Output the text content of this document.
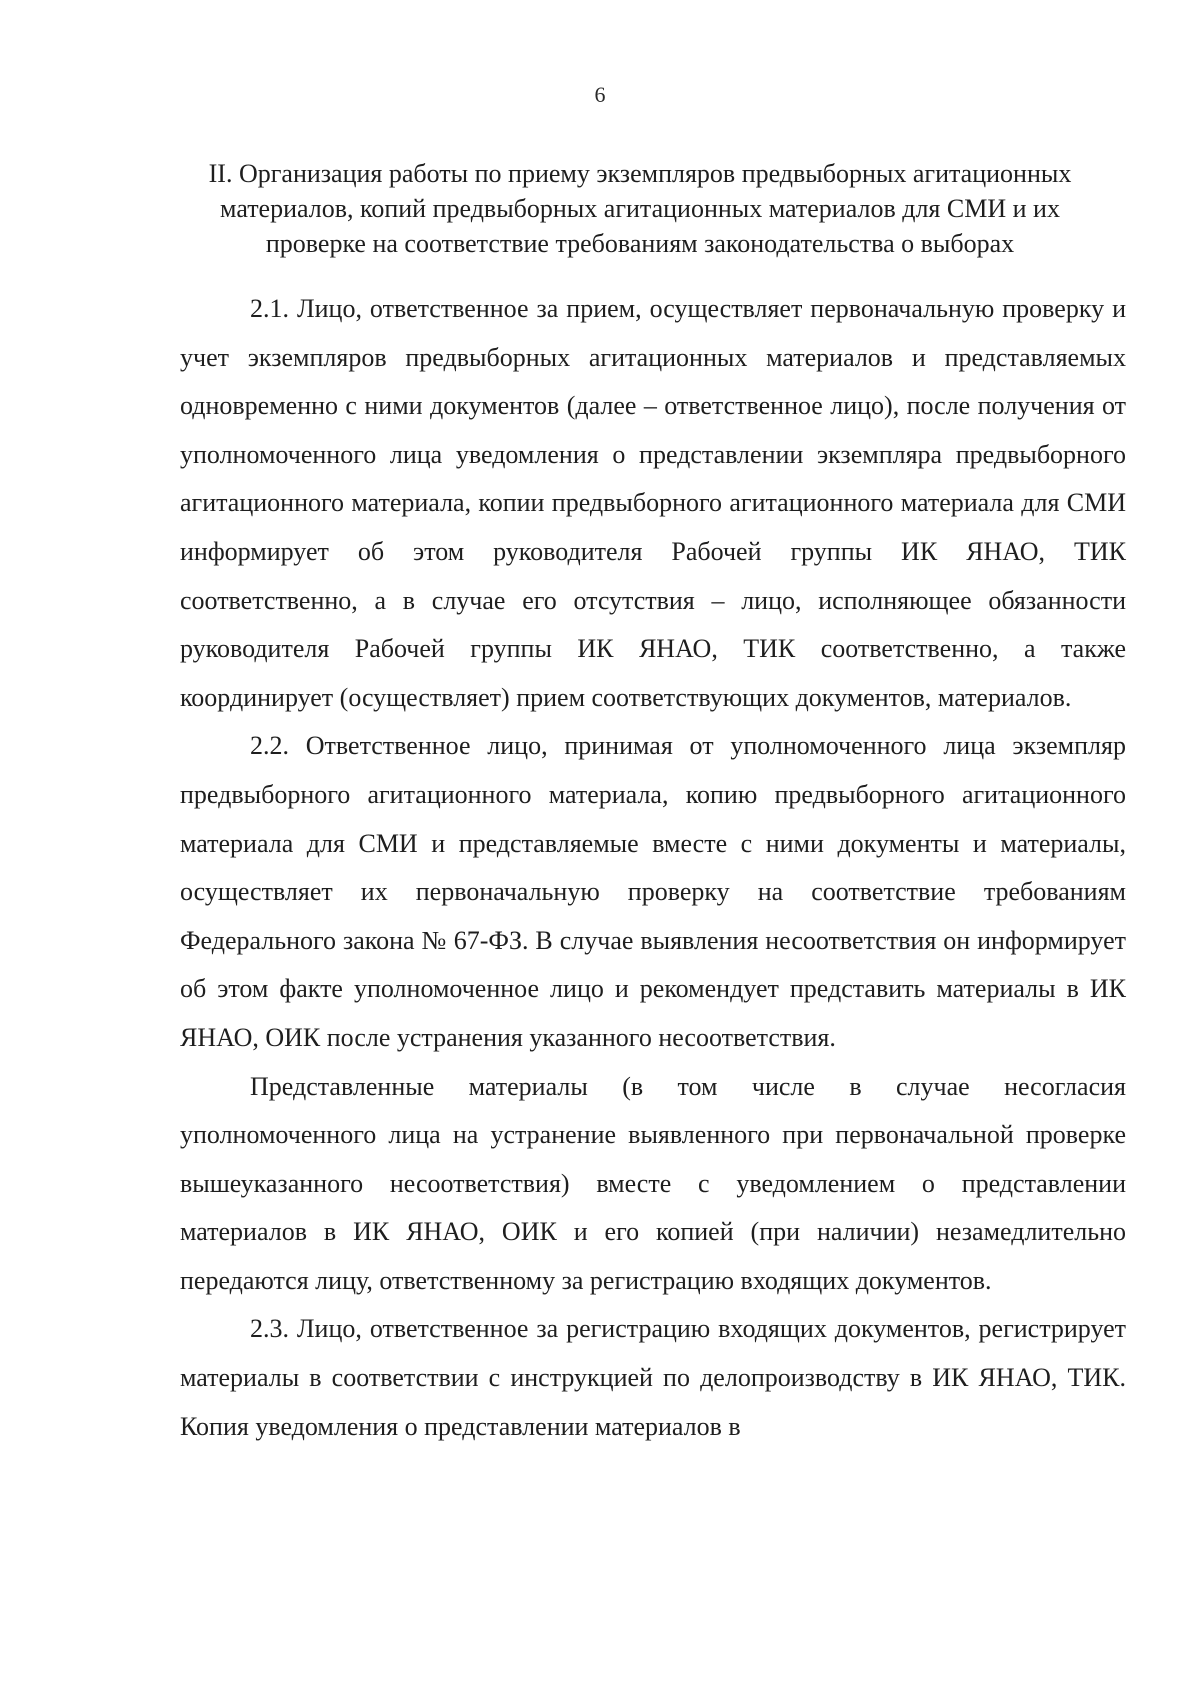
6
II. Организация работы по приему экземпляров предвыборных агитационных материалов, копий предвыборных агитационных материалов для СМИ и их проверке на соответствие требованиям законодательства о выборах

2.1. Лицо, ответственное за прием, осуществляет первоначальную проверку и учет экземпляров предвыборных агитационных материалов и представляемых одновременно с ними документов (далее – ответственное лицо), после получения от уполномоченного лица уведомления о представлении экземпляра предвыборного агитационного материала, копии предвыборного агитационного материала для СМИ информирует об этом руководителя Рабочей группы ИК ЯНАО, ТИК соответственно, а в случае его отсутствия – лицо, исполняющее обязанности руководителя Рабочей группы ИК ЯНАО, ТИК соответственно, а также координирует (осуществляет) прием соответствующих документов, материалов.

2.2. Ответственное лицо, принимая от уполномоченного лица экземпляр предвыборного агитационного материала, копию предвыборного агитационного материала для СМИ и представляемые вместе с ними документы и материалы, осуществляет их первоначальную проверку на соответствие требованиям Федерального закона № 67-ФЗ. В случае выявления несоответствия он информирует об этом факте уполномоченное лицо и рекомендует представить материалы в ИК ЯНАО, ОИК после устранения указанного несоответствия.

Представленные материалы (в том числе в случае несогласия уполномоченного лица на устранение выявленного при первоначальной проверке вышеуказанного несоответствия) вместе с уведомлением о представлении материалов в ИК ЯНАО, ОИК и его копией (при наличии) незамедлительно передаются лицу, ответственному за регистрацию входящих документов.

2.3. Лицо, ответственное за регистрацию входящих документов, регистрирует материалы в соответствии с инструкцией по делопроизводству в ИК ЯНАО, ТИК. Копия уведомления о представлении материалов в
